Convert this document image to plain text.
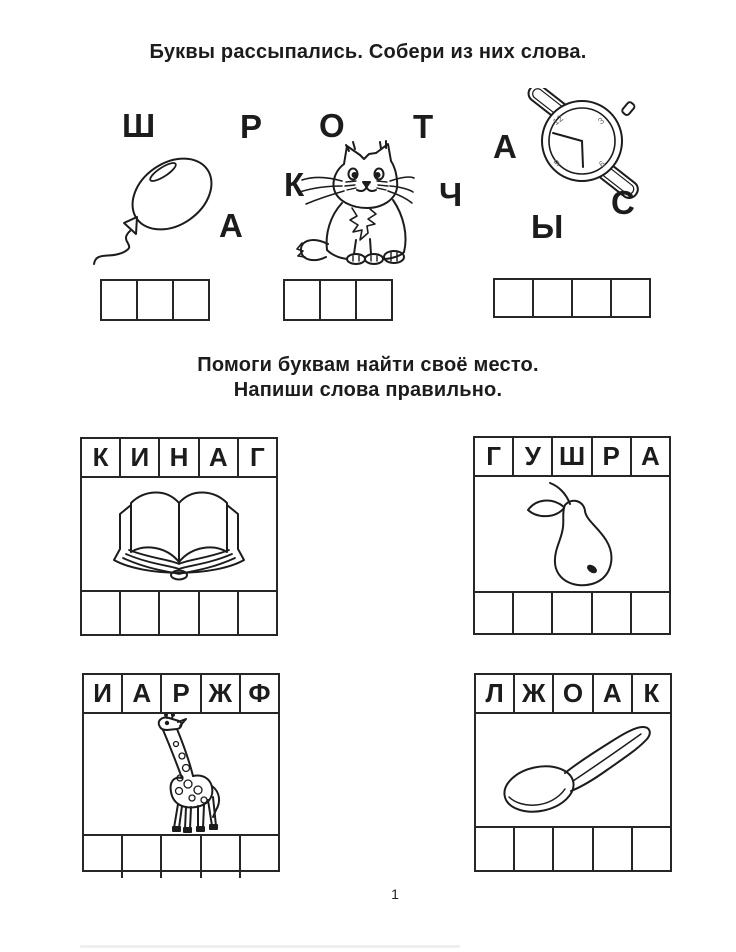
Буквы рассыпались. Собери из них слова.
Ш	Р О Т
А
К	Ч
А	Ы
С
12	3
9	6
Помоги буквам найти своё место.
Напиши слова правильно.
К И Н А Г	Г У Ш Р А
И А Р Ж Ф	Л Ж О А К
1
